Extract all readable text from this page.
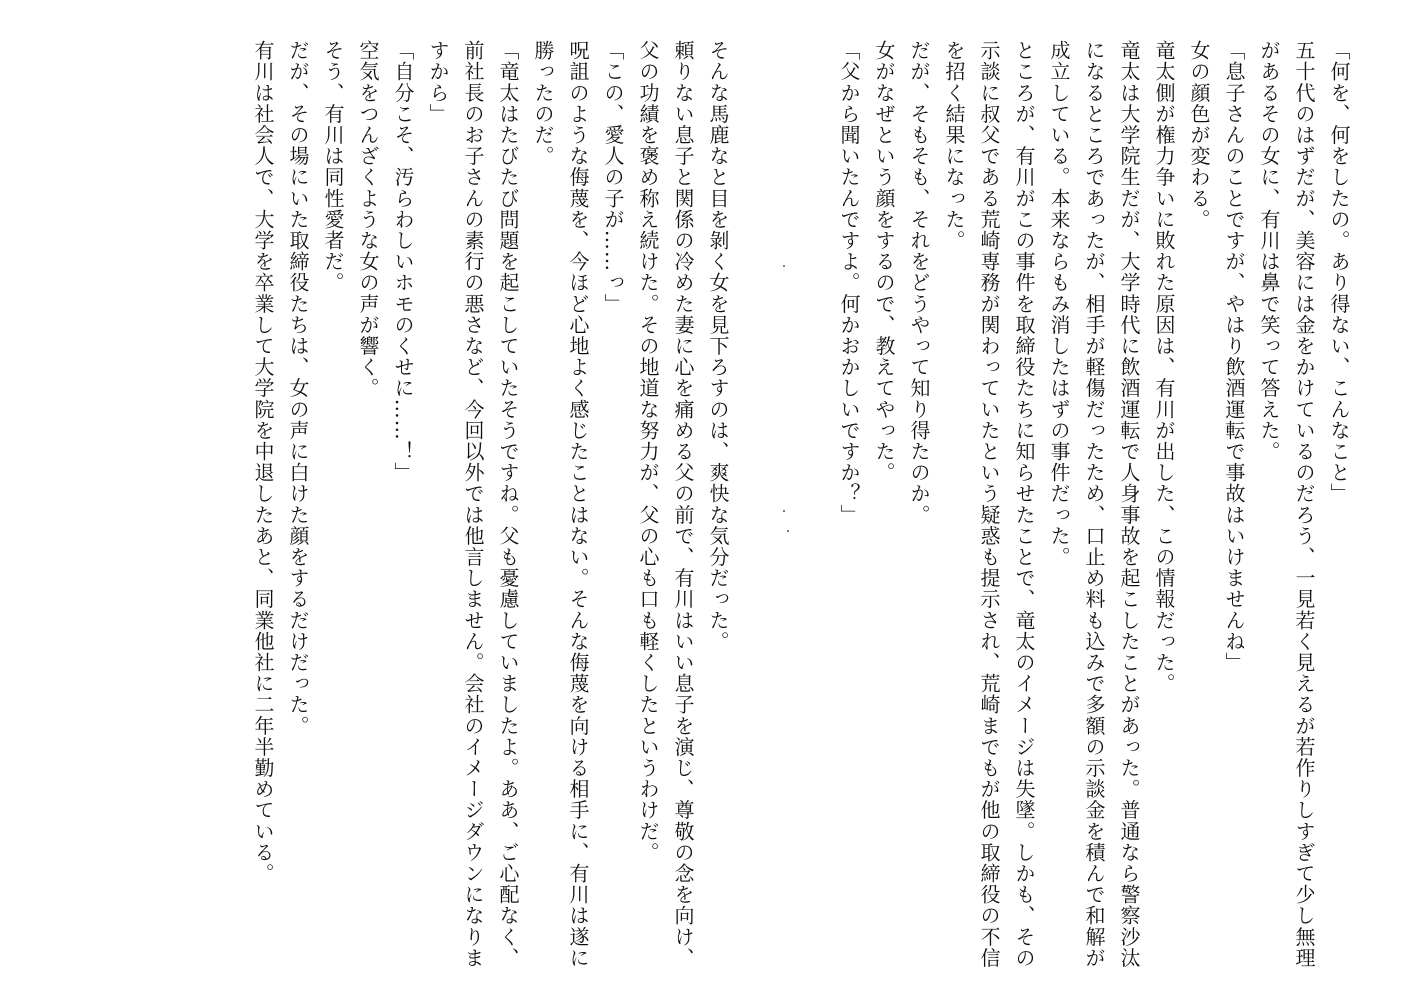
「何を、何をしたの。あり得ない、こんなこと」

五十代のはずだが、美容には金をかけているのだろう、一見若く見えるが若作りしすぎて少し無理があるその女に、有川は鼻で笑って答えた。

「息子さんのことですが、やはり飲酒運転で事故はいけませんね」

女の顔色が変わる。

竜太側が権力争いに敗れた原因は、有川が出した、この情報だった。

竜太は大学院生だが、大学時代に飲酒運転で人身事故を起こしたことがあった。普通なら警察沙汰になるところであったが、相手が軽傷だったため、口止め料も込みで多額の示談金を積んで和解が成立している。本来ならもみ消したはずの事件だった。

ところが、有川がこの事件を取締役たちに知らせたことで、竜太のイメージは失墜。しかも、その示談に叔父である荒崎専務が関わっていたという疑惑も提示され、荒崎までもが他の取締役の不信を招く結果になった。

だが、そもそも、それをどうやって知り得たのか。

女がなぜという顔をするので、教えてやった。

「父から聞いたんですよ。何かおかしいですか？」

そんな馬鹿なと目を剝く女を見下ろすのは、爽快な気分だった。

頼りない息子と関係の冷めた妻に心を痛める父の前で、有川はいい息子を演じ、尊敬の念を向け、父の功績を褒め称え続けた。その地道な努力が、父の心も口も軽くしたというわけだ。

「この、愛人の子が……っ」

呪詛のような侮蔑を、今ほど心地よく感じたことはない。そんな侮蔑を向ける相手に、有川は遂に勝ったのだ。

「竜太はたびたび問題を起こしていたそうですね。父も憂慮していましたよ。ああ、ご心配なく、前社長のお子さんの素行の悪さなど、今回以外では他言しません。会社のイメージダウンになりますから」

「自分こそ、汚らわしいホモのくせに……！」

空気をつんざくような女の声が響く。

そう、有川は同性愛者だ。

だが、その場にいた取締役たちは、女の声に白けた顔をするだけだった。

有川は社会人で、大学を卒業して大学院を中退したあと、同業他社に二年半勤めている。
